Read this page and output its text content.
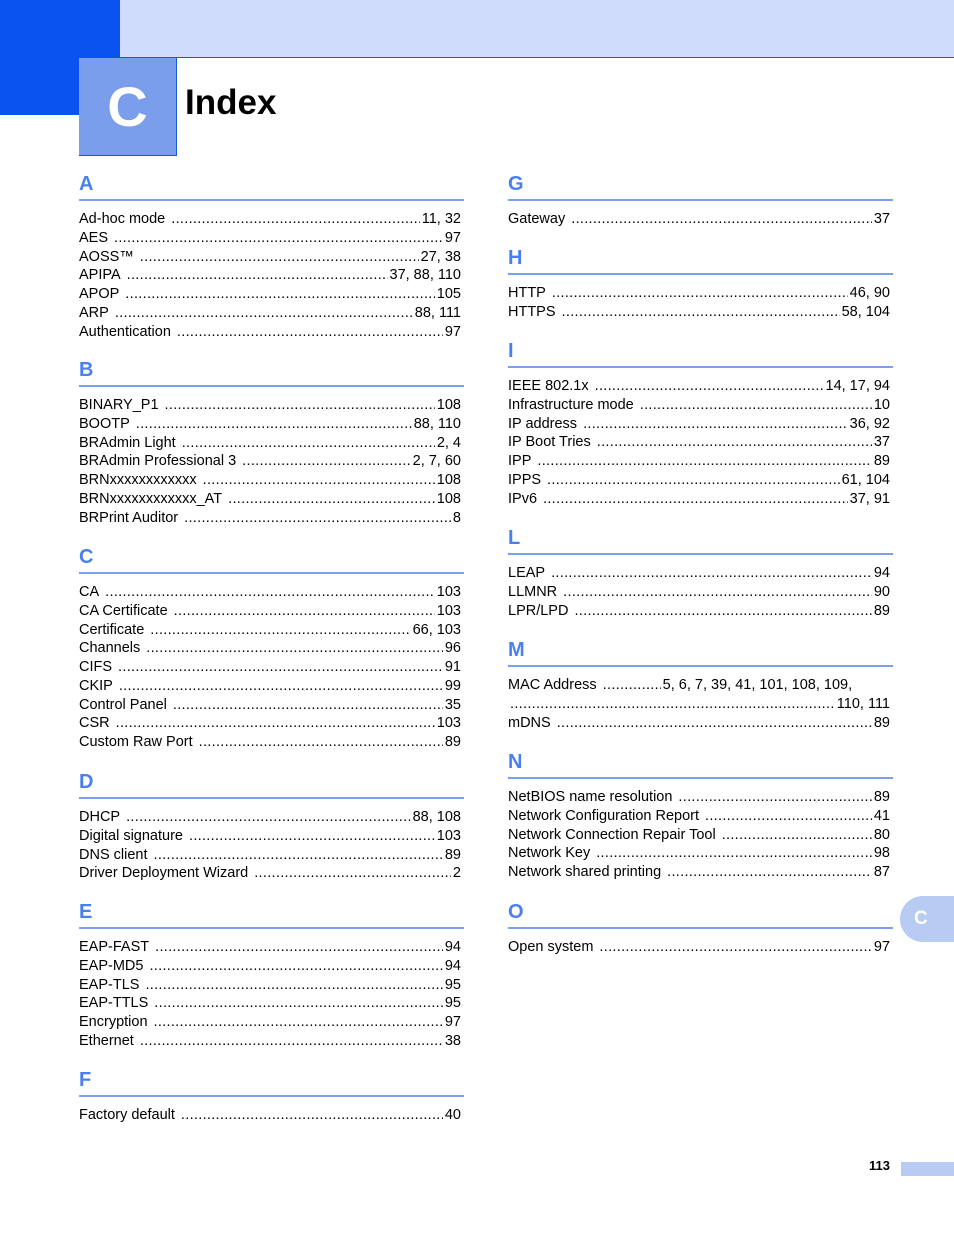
C	Index
A
Ad-hoc mode .....	11, 32
AES .....	97
AOSS™ .....	27, 38
APIPA .....	37, 88, 110
APOP .....	105
ARP .....	88, 111
Authentication .....	97
B
BINARY_P1 .....	108
BOOTP .....	88, 110
BRAdmin Light .....	2, 4
BRAdmin Professional 3 .....	2, 7, 60
BRNxxxxxxxxxxxx .....	108
BRNxxxxxxxxxxxx_AT .....	108
BRPrint Auditor .....	8
C
CA .....	103
CA Certificate .....	103
Certificate .....	66, 103
Channels .....	96
CIFS .....	91
CKIP .....	99
Control Panel .....	35
CSR .....	103
Custom Raw Port .....	89
D
DHCP .....	88, 108
Digital signature .....	103
DNS client .....	89
Driver Deployment Wizard .....	2
E
EAP-FAST .....	94
EAP-MD5 .....	94
EAP-TLS .....	95
EAP-TTLS .....	95
Encryption .....	97
Ethernet .....	38
F
Factory default .....	40
G
Gateway .....	37
H
HTTP .....	46, 90
HTTPS .....	58, 104
I
IEEE 802.1x .....	14, 17, 94
Infrastructure mode .....	10
IP address .....	36, 92
IP Boot Tries .....	37
IPP .....	89
IPPS .....	61, 104
IPv6 .....	37, 91
L
LEAP .....	94
LLMNR .....	90
LPR/LPD .....	89
M
MAC Address .....	5, 6, 7, 39, 41, 101, 108, 109,
.....
110, 111
mDNS .....	89
N
NetBIOS name resolution .....	89
Network Configuration Report .....	41
Network Connection Repair Tool .....	80
Network Key .....	98
Network shared printing .....	87
O
Open system .....	97
C
113
